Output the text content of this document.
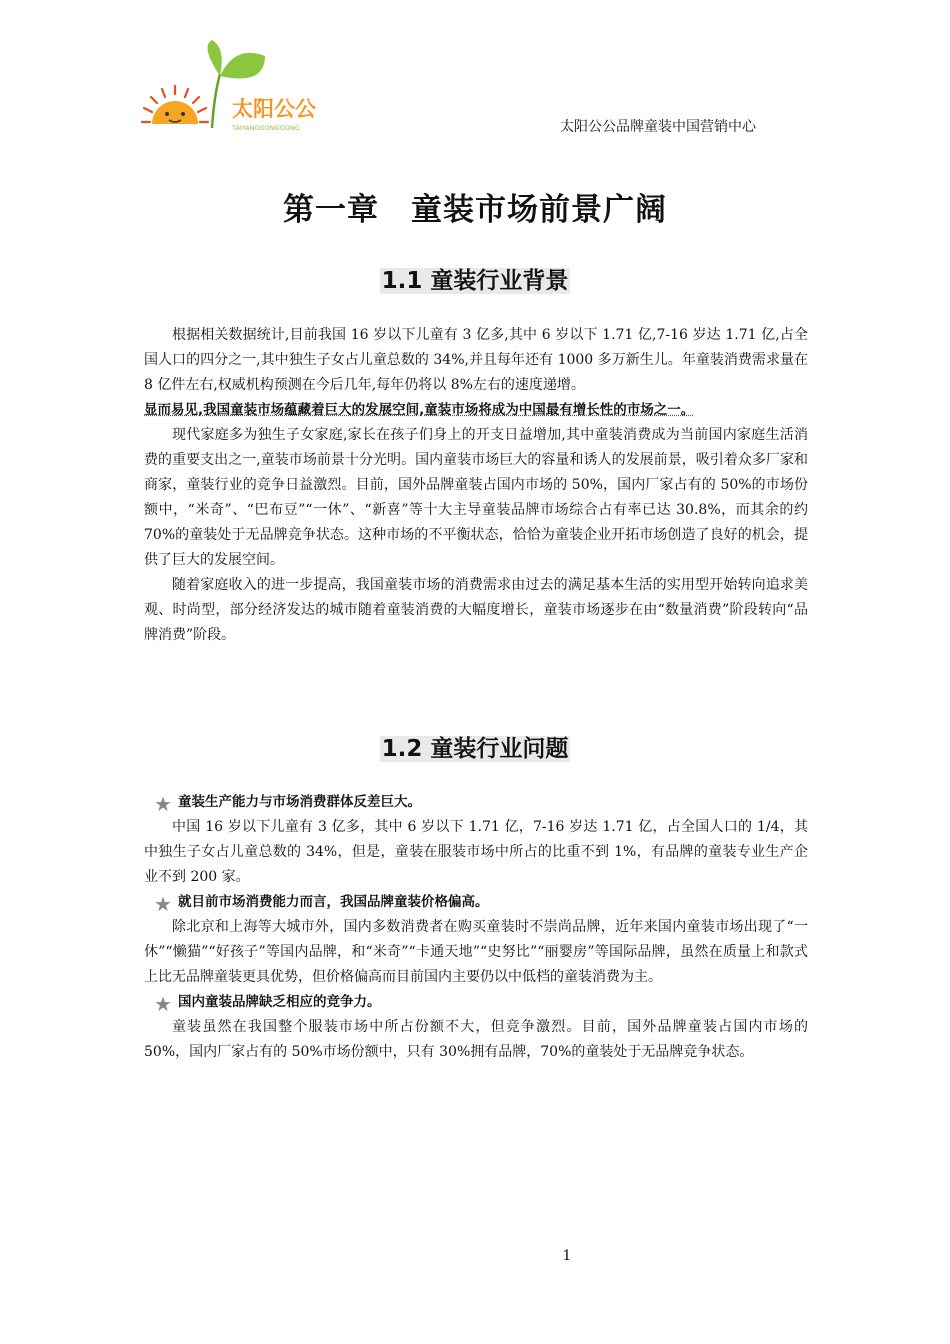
太阳公公
TAIYANGGONGGONG	太阳公公品牌童装中国营销中心
第一章　童装市场前景广阔
1.1 童装行业背景

根据相关数据统计,目前我国 16 岁以下儿童有 3 亿多,其中 6 岁以下 1.71 亿,7-16 岁达 1.71 亿,占全国人口的四分之一,其中独生子女占儿童总数的 34%,并且每年还有 1000 多万新生儿。年童装消费需求量在 8 亿件左右,权威机构预测在今后几年,每年仍将以 8%左右的速度递增。

显而易见,我国童装市场蕴藏着巨大的发展空间,童装市场将成为中国最有增长性的市场之一。

现代家庭多为独生子女家庭,家长在孩子们身上的开支日益增加,其中童装消费成为当前国内家庭生活消费的重要支出之一,童装市场前景十分光明。国内童装市场巨大的容量和诱人的发展前景，吸引着众多厂家和商家，童装行业的竞争日益激烈。目前，国外品牌童装占国内市场的 50%，国内厂家占有的 50%的市场份额中，“米奇”、“巴布豆”“一休”、“新喜”等十大主导童装品牌市场综合占有率已达 30.8%，而其余的约 70%的童装处于无品牌竞争状态。这种市场的不平衡状态，恰恰为童装企业开拓市场创造了良好的机会，提供了巨大的发展空间。

随着家庭收入的进一步提高，我国童装市场的消费需求由过去的满足基本生活的实用型开始转向追求美观、时尚型，部分经济发达的城市随着童装消费的大幅度增长，童装市场逐步在由“数量消费”阶段转向“品牌消费”阶段。

1.2 童装行业问题
★ 童装生产能力与市场消费群体反差巨大。

中国 16 岁以下儿童有 3 亿多，其中 6 岁以下 1.71 亿，7-16 岁达 1.71 亿，占全国人口的 1/4，其中独生子女占儿童总数的 34%，但是，童装在服装市场中所占的比重不到 1%，有品牌的童装专业生产企业不到 200 家。

★ 就目前市场消费能力而言，我国品牌童装价格偏高。

除北京和上海等大城市外，国内多数消费者在购买童装时不崇尚品牌，近年来国内童装市场出现了“一休”“懒猫”“好孩子”等国内品牌，和“米奇”“卡通天地”“史努比”“丽婴房”等国际品牌，虽然在质量上和款式上比无品牌童装更具优势，但价格偏高而目前国内主要仍以中低档的童装消费为主。

★ 国内童装品牌缺乏相应的竞争力。

童装虽然在我国整个服装市场中所占份额不大，但竞争激烈。目前，国外品牌童装占国内市场的 50%，国内厂家占有的 50%市场份额中，只有 30%拥有品牌，70%的童装处于无品牌竞争状态。

1
